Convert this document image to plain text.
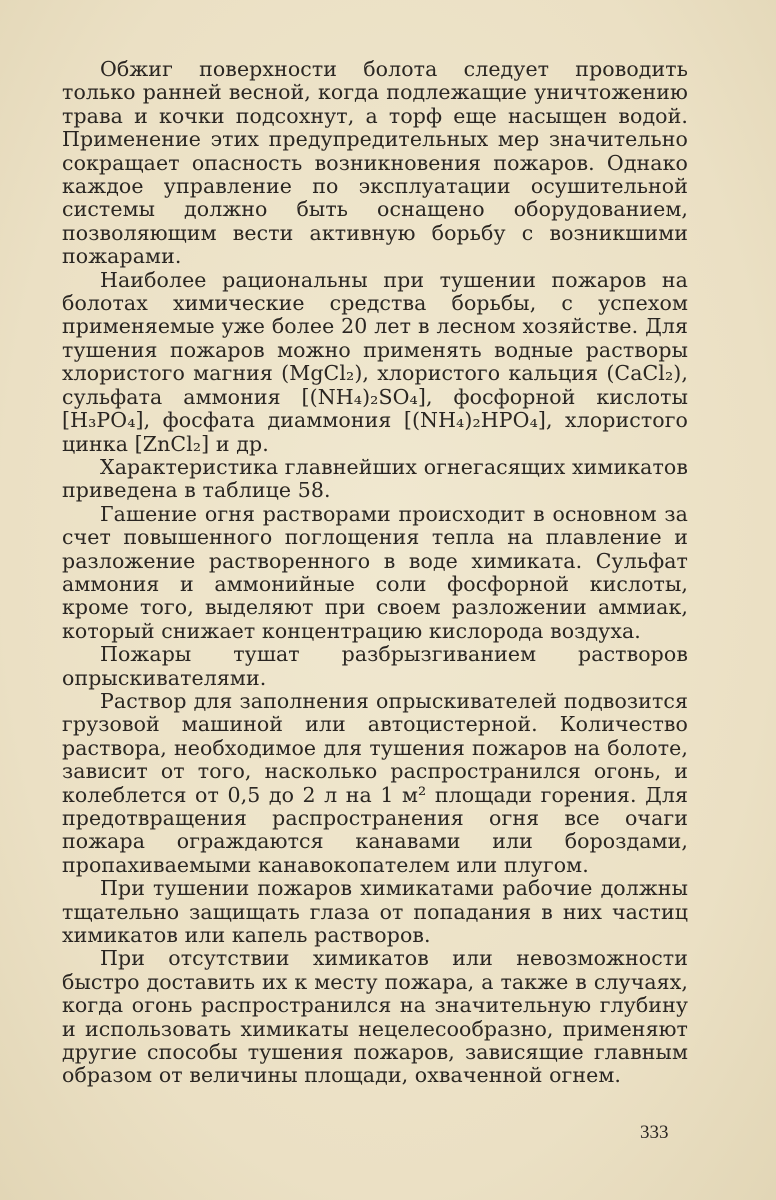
Обжиг поверхности болота следует проводить только ранней весной, когда подлежащие уничтожению трава и кочки подсохнут, а торф еще насыщен водой. Применение этих предупредительных мер значительно сокращает опасность возникновения пожаров. Однако каждое управление по эксплуатации осушительной системы должно быть оснащено оборудованием, позволяющим вести активную борьбу с возникшими пожарами.

Наиболее рациональны при тушении пожаров на болотах химические средства борьбы, с успехом применяемые уже более 20 лет в лесном хозяйстве. Для тушения пожаров можно применять водные растворы хлористого магния (MgCl₂), хлористого кальция (CaCl₂), сульфата аммония [(NH₄)₂SO₄], фосфорной кислоты [H₃PO₄], фосфата диаммония [(NH₄)₂HPO₄], хлористого цинка [ZnCl₂] и др.

Характеристика главнейших огнегасящих химикатов приведена в таблице 58.

Гашение огня растворами происходит в основном за счет повышенного поглощения тепла на плавление и разложение растворенного в воде химиката. Сульфат аммония и аммонийные соли фосфорной кислоты, кроме того, выделяют при своем разложении аммиак, который снижает концентрацию кислорода воздуха.

Пожары тушат разбрызгиванием растворов опрыскивателями.

Раствор для заполнения опрыскивателей подвозится грузовой машиной или автоцистерной. Количество раствора, необходимое для тушения пожаров на болоте, зависит от того, насколько распространился огонь, и колеблется от 0,5 до 2 л на 1 м² площади горения. Для предотвращения распространения огня все очаги пожара ограждаются канавами или бороздами, пропахиваемыми канавокопателем или плугом.

При тушении пожаров химикатами рабочие должны тщательно защищать глаза от попадания в них частиц химикатов или капель растворов.

При отсутствии химикатов или невозможности быстро доставить их к месту пожара, а также в случаях, когда огонь распространился на значительную глубину и использовать химикаты нецелесообразно, применяют другие способы тушения пожаров, зависящие главным образом от величины площади, охваченной огнем.

333
